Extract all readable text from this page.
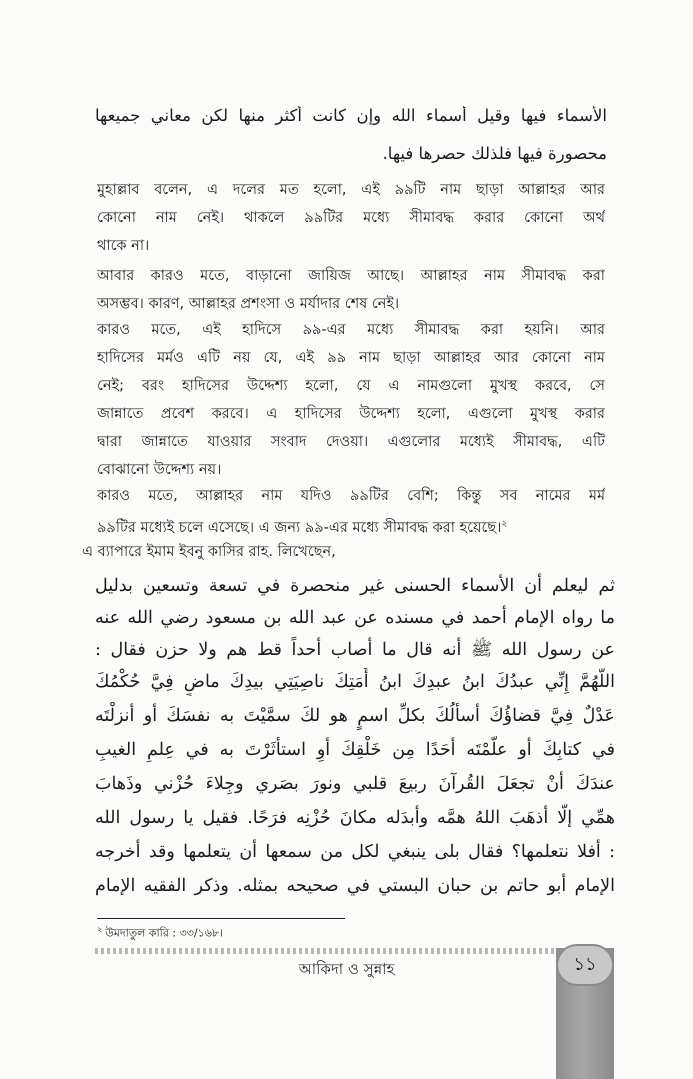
الأسماء فيها وقيل أسماء الله وإن كانت أكثر منها لكن معاني جميعها
محصورة فيها فلذلك حصرها فيها.
মুহাল্লাব বলেন, এ দলের মত হলো, এই ৯৯টি নাম ছাড়া আল্লাহর আর
কোনো নাম নেই। থাকলে ৯৯টির মধ্যে সীমাবদ্ধ করার কোনো অর্থ
থাকে না।
আবার কারও মতে, বাড়ানো জায়িজ আছে। আল্লাহর নাম সীমাবদ্ধ করা
অসম্ভব। কারণ, আল্লাহর প্রশংসা ও মর্যাদার শেষ নেই।
কারও মতে, এই হাদিসে ৯৯-এর মধ্যে সীমাবদ্ধ করা হয়নি। আর
হাদিসের মর্মও এটি নয় যে, এই ৯৯ নাম ছাড়া আল্লাহর আর কোনো নাম
নেই; বরং হাদিসের উদ্দেশ্য হলো, যে এ নামগুলো মুখস্থ করবে, সে
জান্নাতে প্রবেশ করবে। এ হাদিসের উদ্দেশ্য হলো, এগুলো মুখস্থ করার
দ্বারা জান্নাতে যাওয়ার সংবাদ দেওয়া। এগুলোর মধ্যেই সীমাবদ্ধ, এটি
বোঝানো উদ্দেশ্য নয়।
কারও মতে, আল্লাহর নাম যদিও ৯৯টির বেশি; কিন্তু সব নামের মর্ম
৯৯টির মধ্যেই চলে এসেছে। এ জন্য ৯৯-এর মধ্যে সীমাবদ্ধ করা হয়েছে।$^২$
এ ব্যাপারে ইমাম ইবনু কাসির রাহ. লিখেছেন,
ثم ليعلم أن الأسماء الحسنى غير منحصرة في تسعة وتسعين بدليل
ما رواه الإمام أحمد في مسنده عن عبد الله بن مسعود رضي الله عنه
عن رسول الله ﷺ أنه قال ما أصاب أحداً قط هم ولا حزن فقال :
اللَّهُمَّ إِنِّي عبدُكَ ابنُ عبدِكَ ابنُ أَمَتِكَ ناصِيَتِي بيدِكَ ماضٍ فِيَّ حُكْمُكَ
عَدْلٌ فِيَّ قضاؤُكَ أسأَلُكَ بكلِّ اسمٍ هو لكَ سمَّيْتَ به نفسَكَ أو أنزلْتَه
في كتابِكَ أو علَّمْتَه أحَدًا مِن خَلْقِكَ أوِ استأثَرْتَ به في عِلمِ الغيبِ
عندَكَ أنْ تجعَلَ القُرآنَ ربيعَ قلبي ونورَ بصَري وجِلاءَ حُزْني وذَهابَ
همِّي إلَّا أذهَبَ اللهُ همَّه وأبدَله مكانَ حُزْنِه فرَحًا. فقيل يا رسول الله
: أفلا نتعلمها؟ فقال بلى ينبغي لكل من سمعها أن يتعلمها وقد أخرجه
الإمام أبو حاتم بن حبان البستي في صحيحه بمثله. وذكر الفقيه الإمام
$^২$ উমদাতুল কারি : ৩৩/১৬৮।
আকিদা ও সুন্নাহ	১১
